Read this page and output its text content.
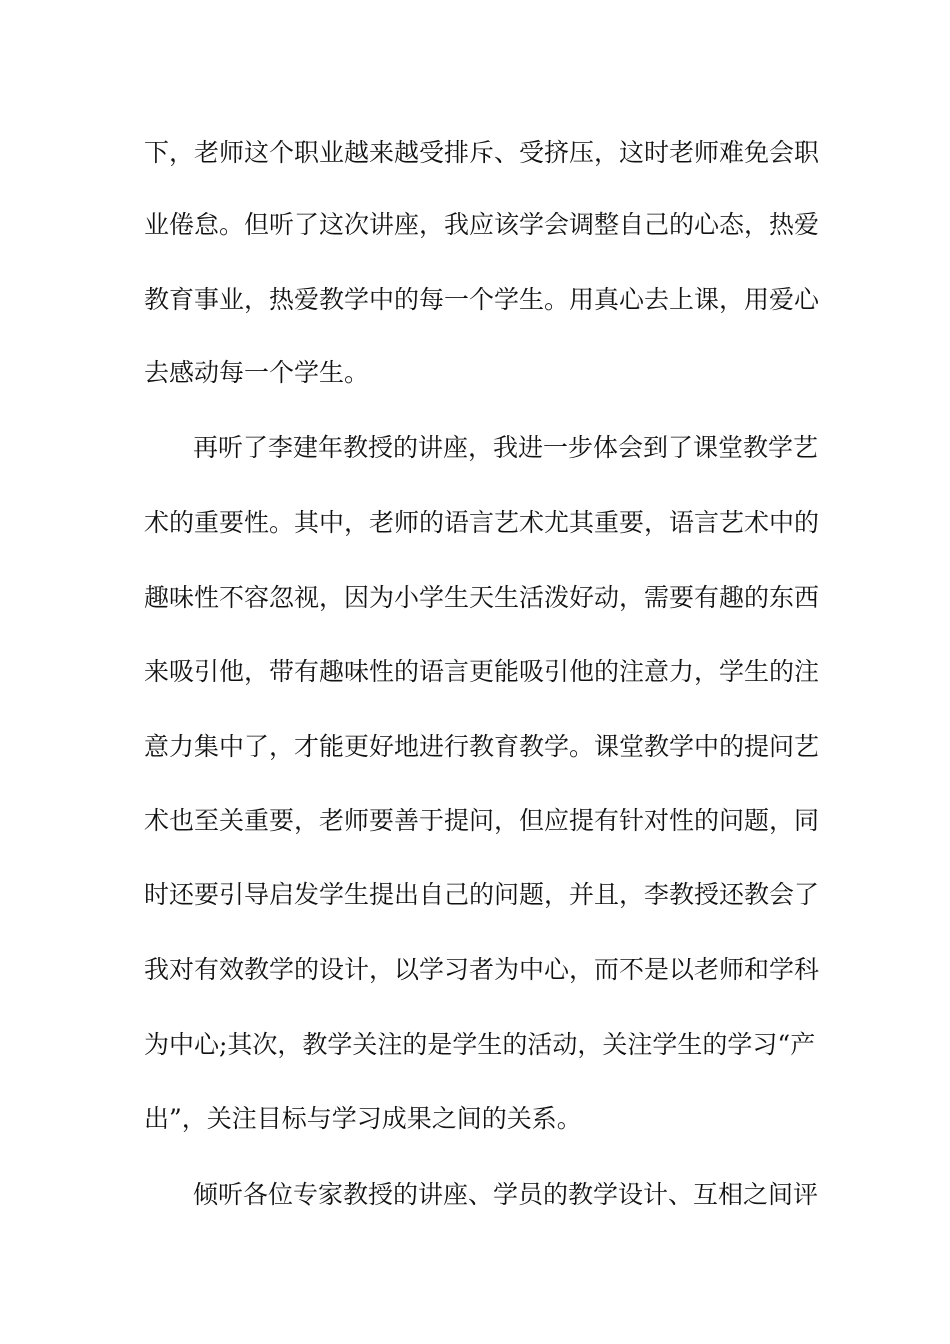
下，老师这个职业越来越受排斥、受挤压，这时老师难免会职
业倦怠。但听了这次讲座，我应该学会调整自己的心态，热爱
教育事业，热爱教学中的每一个学生。用真心去上课，用爱心
去感动每一个学生。
再听了李建年教授的讲座，我进一步体会到了课堂教学艺
术的重要性。其中，老师的语言艺术尤其重要，语言艺术中的
趣味性不容忽视，因为小学生天生活泼好动，需要有趣的东西
来吸引他，带有趣味性的语言更能吸引他的注意力，学生的注
意力集中了，才能更好地进行教育教学。课堂教学中的提问艺
术也至关重要，老师要善于提问，但应提有针对性的问题，同
时还要引导启发学生提出自己的问题，并且，李教授还教会了
我对有效教学的设计，以学习者为中心，而不是以老师和学科
为中心;其次，教学关注的是学生的活动，关注学生的学习“产
出”，关注目标与学习成果之间的关系。
倾听各位专家教授的讲座、学员的教学设计、互相之间评
